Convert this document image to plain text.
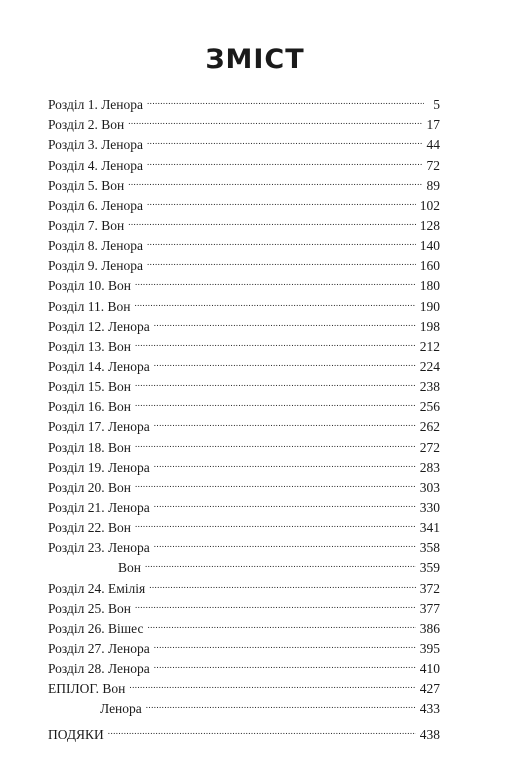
ЗМІСТ
Розділ 1. Ленора .....	5
Розділ 2. Вон .....	17
Розділ 3. Ленора .....	44
Розділ 4. Ленора .....	72
Розділ 5. Вон .....	89
Розділ 6. Ленора .....	102
Розділ 7. Вон .....	128
Розділ 8. Ленора .....	140
Розділ 9. Ленора .....	160
Розділ 10. Вон .....	180
Розділ 11. Вон .....	190
Розділ 12. Ленора .....	198
Розділ 13. Вон .....	212
Розділ 14. Ленора .....	224
Розділ 15. Вон .....	238
Розділ 16. Вон .....	256
Розділ 17. Ленора .....	262
Розділ 18. Вон .....	272
Розділ 19. Ленора .....	283
Розділ 20. Вон .....	303
Розділ 21. Ленора .....	330
Розділ 22. Вон .....	341
Розділ 23. Ленора .....	358
Вон .....	359
Розділ 24. Емілія .....	372
Розділ 25. Вон .....	377
Розділ 26. Вішес .....	386
Розділ 27. Ленора .....	395
Розділ 28. Ленора .....	410
ЕПІЛОГ. Вон .....	427
Ленора .....	433
ПОДЯКИ .....	438
